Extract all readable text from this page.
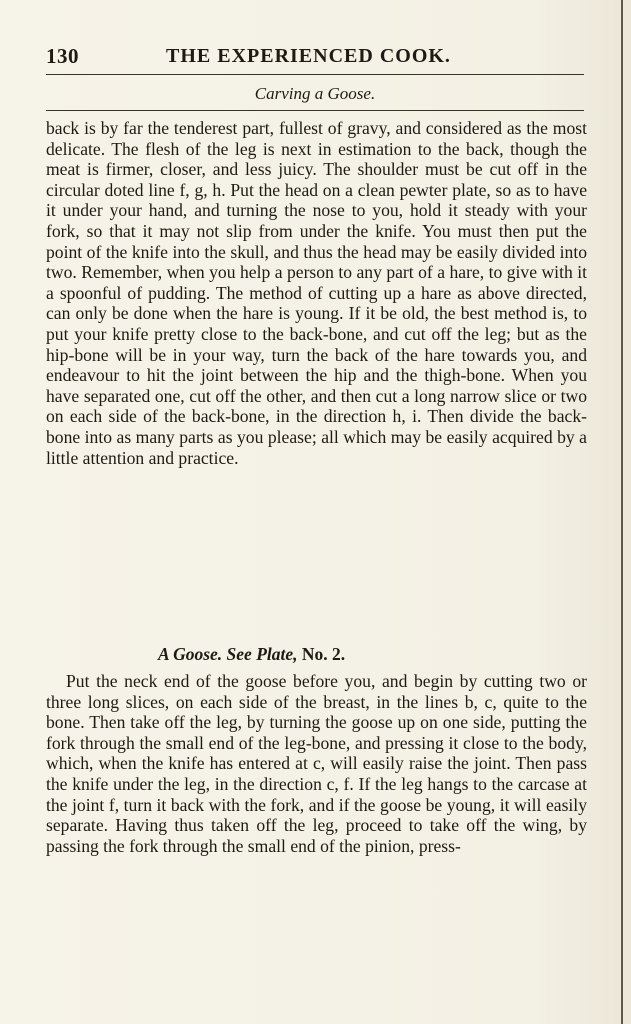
130	THE EXPERIENCED COOK.
Carving a Goose.
back is by far the tenderest part, fullest of gravy, and considered as the most delicate. The flesh of the leg is next in estimation to the back, though the meat is firmer, closer, and less juicy. The shoulder must be cut off in the circular doted line f, g, h. Put the head on a clean pewter plate, so as to have it under your hand, and turning the nose to you, hold it steady with your fork, so that it may not slip from under the knife. You must then put the point of the knife into the skull, and thus the head may be easily divided into two. Remember, when you help a person to any part of a hare, to give with it a spoonful of pudding. The method of cutting up a hare as above directed, can only be done when the hare is young. If it be old, the best method is, to put your knife pretty close to the back-bone, and cut off the leg; but as the hip-bone will be in your way, turn the back of the hare towards you, and endeavour to hit the joint between the hip and the thigh-bone. When you have separated one, cut off the other, and then cut a long narrow slice or two on each side of the back-bone, in the direction h, i. Then divide the back-bone into as many parts as you please; all which may be easily acquired by a little attention and practice.
A Goose. See Plate, No. 2.
Put the neck end of the goose before you, and begin by cutting two or three long slices, on each side of the breast, in the lines b, c, quite to the bone. Then take off the leg, by turning the goose up on one side, putting the fork through the small end of the leg-bone, and pressing it close to the body, which, when the knife has entered at c, will easily raise the joint. Then pass the knife under the leg, in the direction c, f. If the leg hangs to the carcase at the joint f, turn it back with the fork, and if the goose be young, it will easily separate. Having thus taken off the leg, proceed to take off the wing, by passing the fork through the small end of the pinion, press-
